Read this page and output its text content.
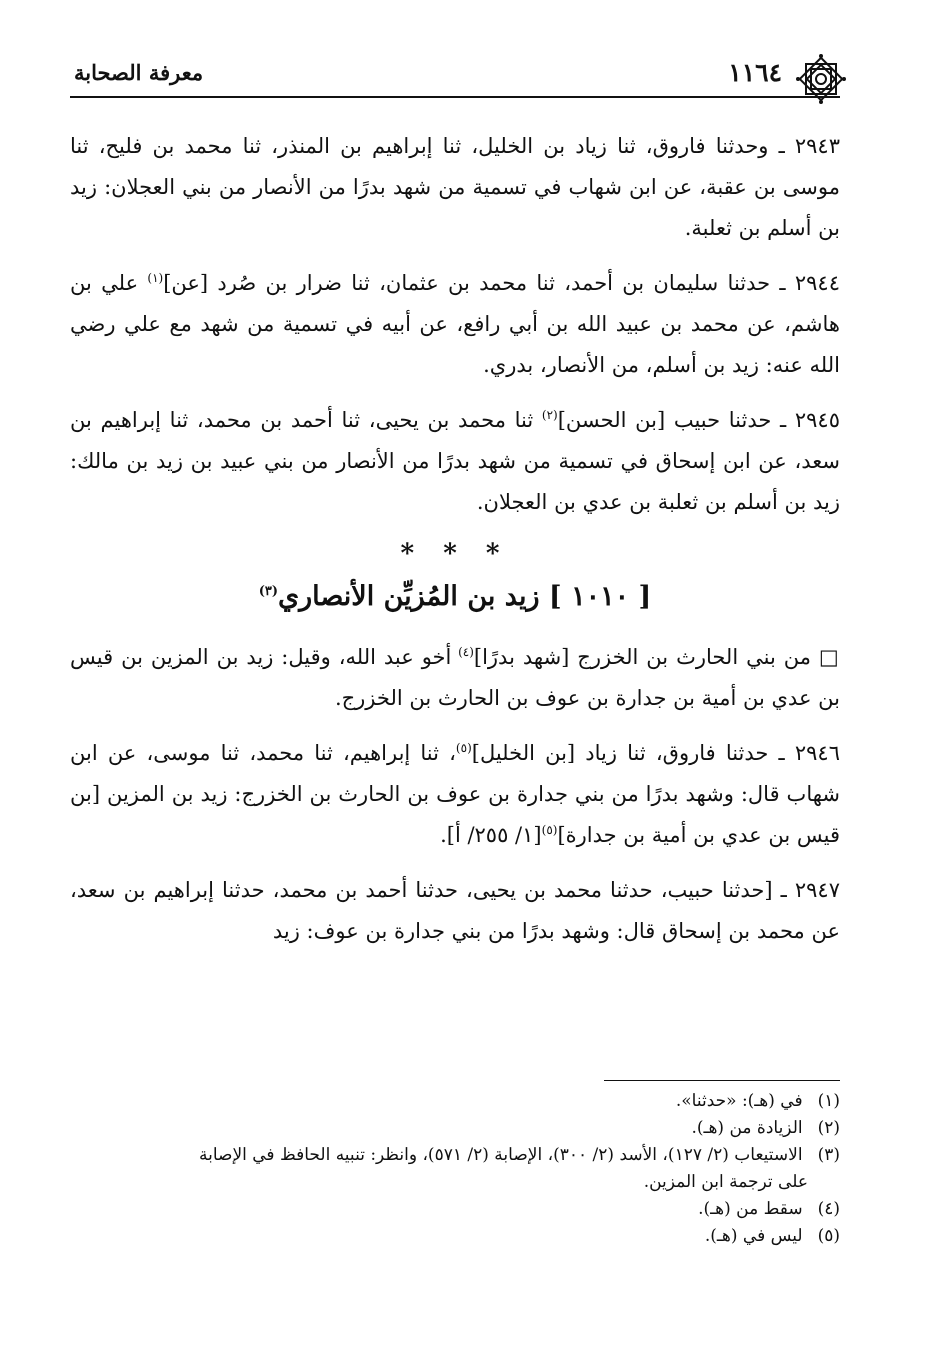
١١٦٤
معرفة الصحابة

٢٩٤٣ ـ وحدثنا فاروق، ثنا زياد بن الخليل، ثنا إبراهيم بن المنذر، ثنا محمد بن فليح، ثنا موسى بن عقبة، عن ابن شهاب في تسمية من شهد بدرًا من الأنصار من بني العجلان: زيد بن أسلم بن ثعلبة.

٢٩٤٤ ـ حدثنا سليمان بن أحمد، ثنا محمد بن عثمان، ثنا ضرار بن صُرد [عن]$^{(١)}$ علي بن هاشم، عن محمد بن عبيد الله بن أبي رافع، عن أبيه في تسمية من شهد مع علي رضي الله عنه: زيد بن أسلم، من الأنصار، بدري.

٢٩٤٥ ـ حدثنا حبيب [بن الحسن]$^{(٢)}$ ثنا محمد بن يحيى، ثنا أحمد بن محمد، ثنا إبراهيم بن سعد، عن ابن إسحاق في تسمية من شهد بدرًا من الأنصار من بني عبيد بن زيد بن مالك: زيد بن أسلم بن ثعلبة بن عدي بن العجلان.

* * *
[ ١٠١٠ ] زيد بن المُزيِّن الأنصاري$^{(٣)}$

□ من بني الحارث بن الخزرج [شهد بدرًا]$^{(٤)}$ أخو عبد الله، وقيل: زيد بن المزين بن قيس بن عدي بن أمية بن جدارة بن عوف بن الحارث بن الخزرج.

٢٩٤٦ ـ حدثنا فاروق، ثنا زياد [بن الخليل]$^{(٥)}$، ثنا إبراهيم، ثنا محمد، ثنا موسى، عن ابن شهاب قال: وشهد بدرًا من بني جدارة بن عوف بن الحارث بن الخزرج: زيد بن المزين [بن قيس بن عدي بن أمية بن جدارة]$^{(٥)}$[١/ ٢٥٥/ أ].

٢٩٤٧ ـ [حدثنا حبيب، حدثنا محمد بن يحيى، حدثنا أحمد بن محمد، حدثنا إبراهيم بن سعد، عن محمد بن إسحاق قال: وشهد بدرًا من بني جدارة بن عوف: زيد

(١) في (هـ): «حدثنا».

(٢) الزيادة من (هـ).

(٣) الاستيعاب (٢/ ١٢٧)، الأسد (٢/ ٣٠٠)، الإصابة (٢/ ٥٧١)، وانظر: تنبيه الحافظ في الإصابة

على ترجمة ابن المزين.

(٤) سقط من (هـ).

(٥) ليس في (هـ).
